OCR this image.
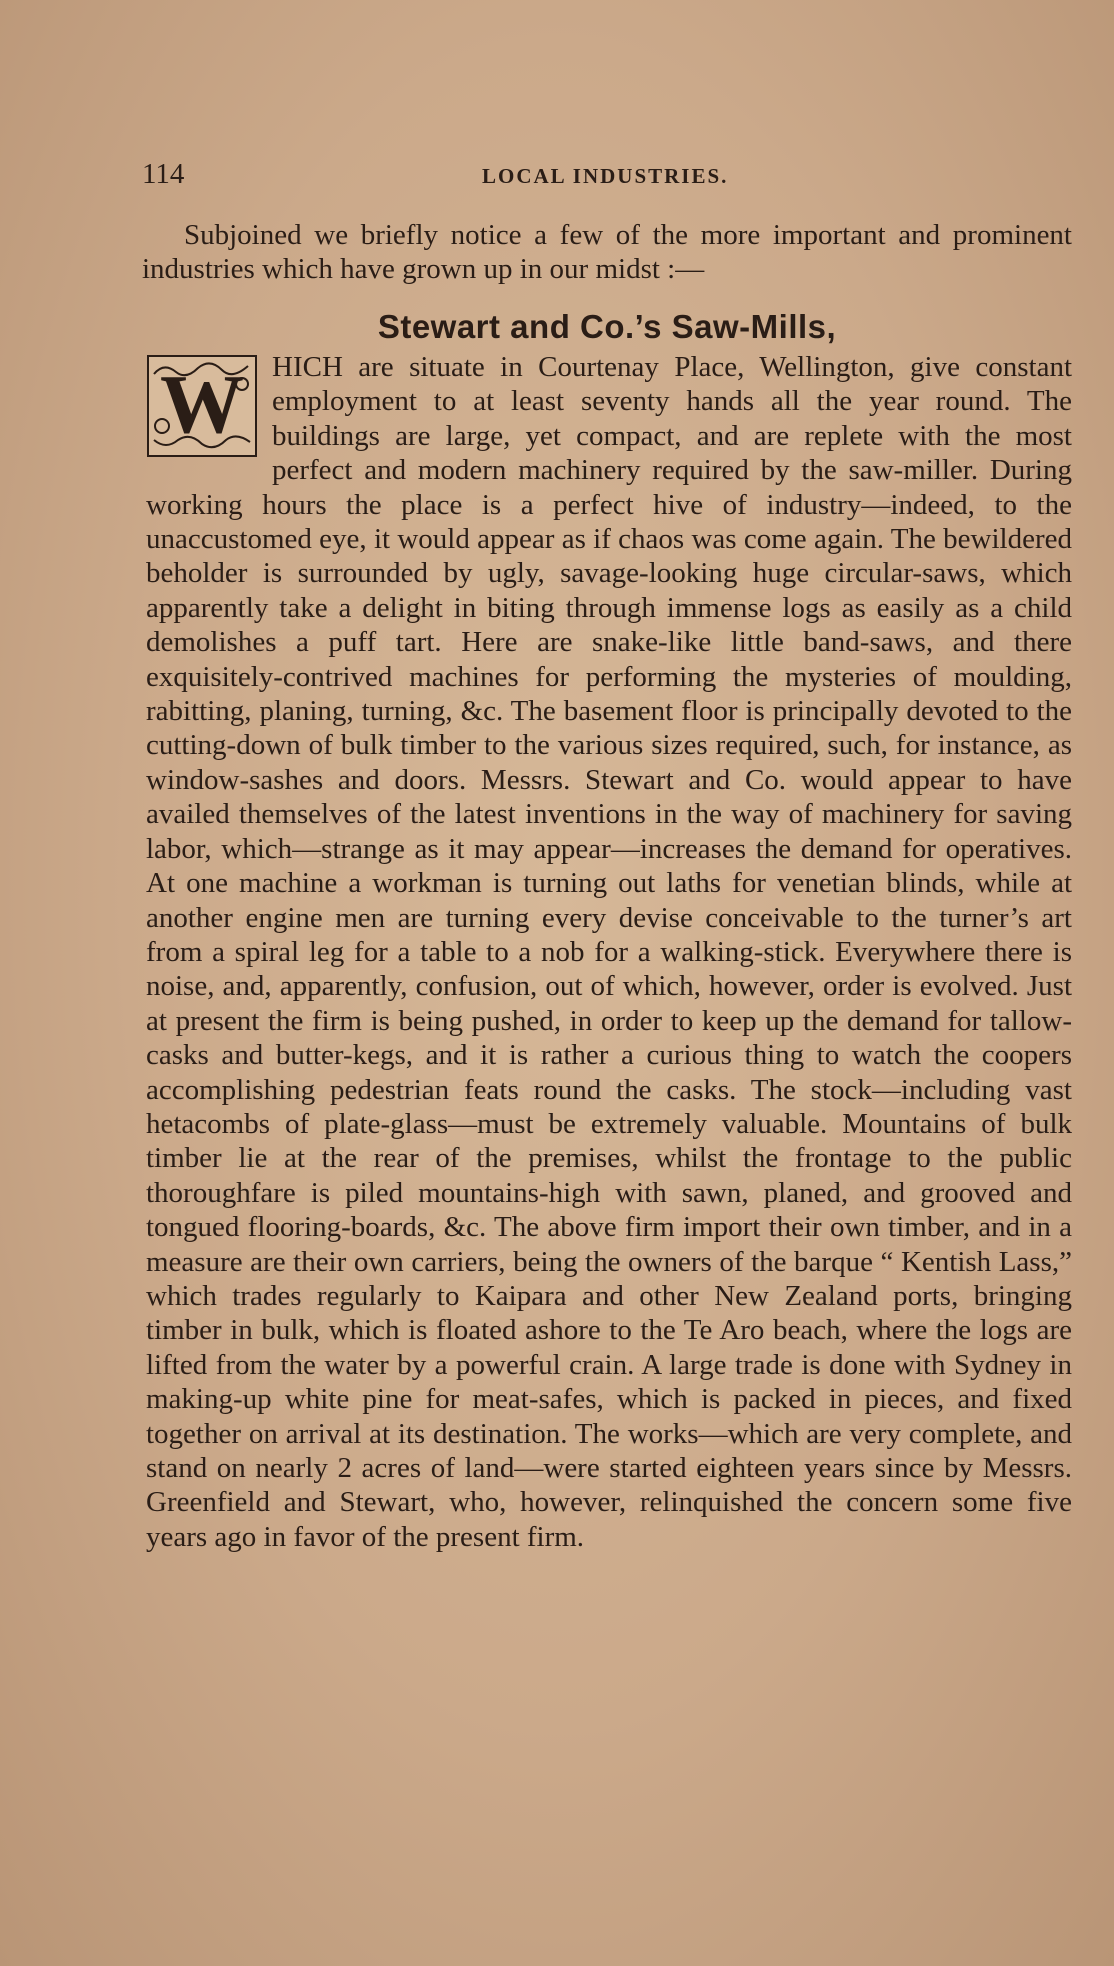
114	LOCAL INDUSTRIES.
Subjoined we briefly notice a few of the more important and prominent industries which have grown up in our midst :—
Stewart and Co.’s Saw-Mills,
W HICH are situate in Courtenay Place, Wellington, give constant employment to at least seventy hands all the year round. The buildings are large, yet compact, and are replete with the most perfect and modern machinery required by the saw-miller. During working hours the place is a perfect hive of industry—indeed, to the unaccustomed eye, it would appear as if chaos was come again. The bewildered beholder is surrounded by ugly, savage-looking huge circular-saws, which apparently take a delight in biting through immense logs as easily as a child demolishes a puff tart. Here are snake-like little band-saws, and there exquisitely-contrived machines for performing the mysteries of moulding, rabitting, planing, turning, &c. The basement floor is principally devoted to the cutting-down of bulk timber to the various sizes required, such, for instance, as window-sashes and doors. Messrs. Stewart and Co. would appear to have availed themselves of the latest inventions in the way of machinery for saving labor, which—strange as it may appear—increases the demand for operatives. At one machine a workman is turning out laths for venetian blinds, while at another engine men are turning every devise conceivable to the turner’s art from a spiral leg for a table to a nob for a walking-stick. Everywhere there is noise, and, apparently, confusion, out of which, however, order is evolved. Just at present the firm is being pushed, in order to keep up the demand for tallow-casks and butter-kegs, and it is rather a curious thing to watch the coopers accomplishing pedestrian feats round the casks. The stock—including vast hetacombs of plate-glass—must be extremely valuable. Mountains of bulk timber lie at the rear of the premises, whilst the frontage to the public thoroughfare is piled mountains-high with sawn, planed, and grooved and tongued flooring-boards, &c. The above firm import their own timber, and in a measure are their own carriers, being the owners of the barque “ Kentish Lass,” which trades regularly to Kaipara and other New Zealand ports, bringing timber in bulk, which is floated ashore to the Te Aro beach, where the logs are lifted from the water by a powerful crain. A large trade is done with Sydney in making-up white pine for meat-safes, which is packed in pieces, and fixed together on arrival at its destination. The works—which are very complete, and stand on nearly 2 acres of land—were started eighteen years since by Messrs. Greenfield and Stewart, who, however, relinquished the concern some five years ago in favor of the present firm.
